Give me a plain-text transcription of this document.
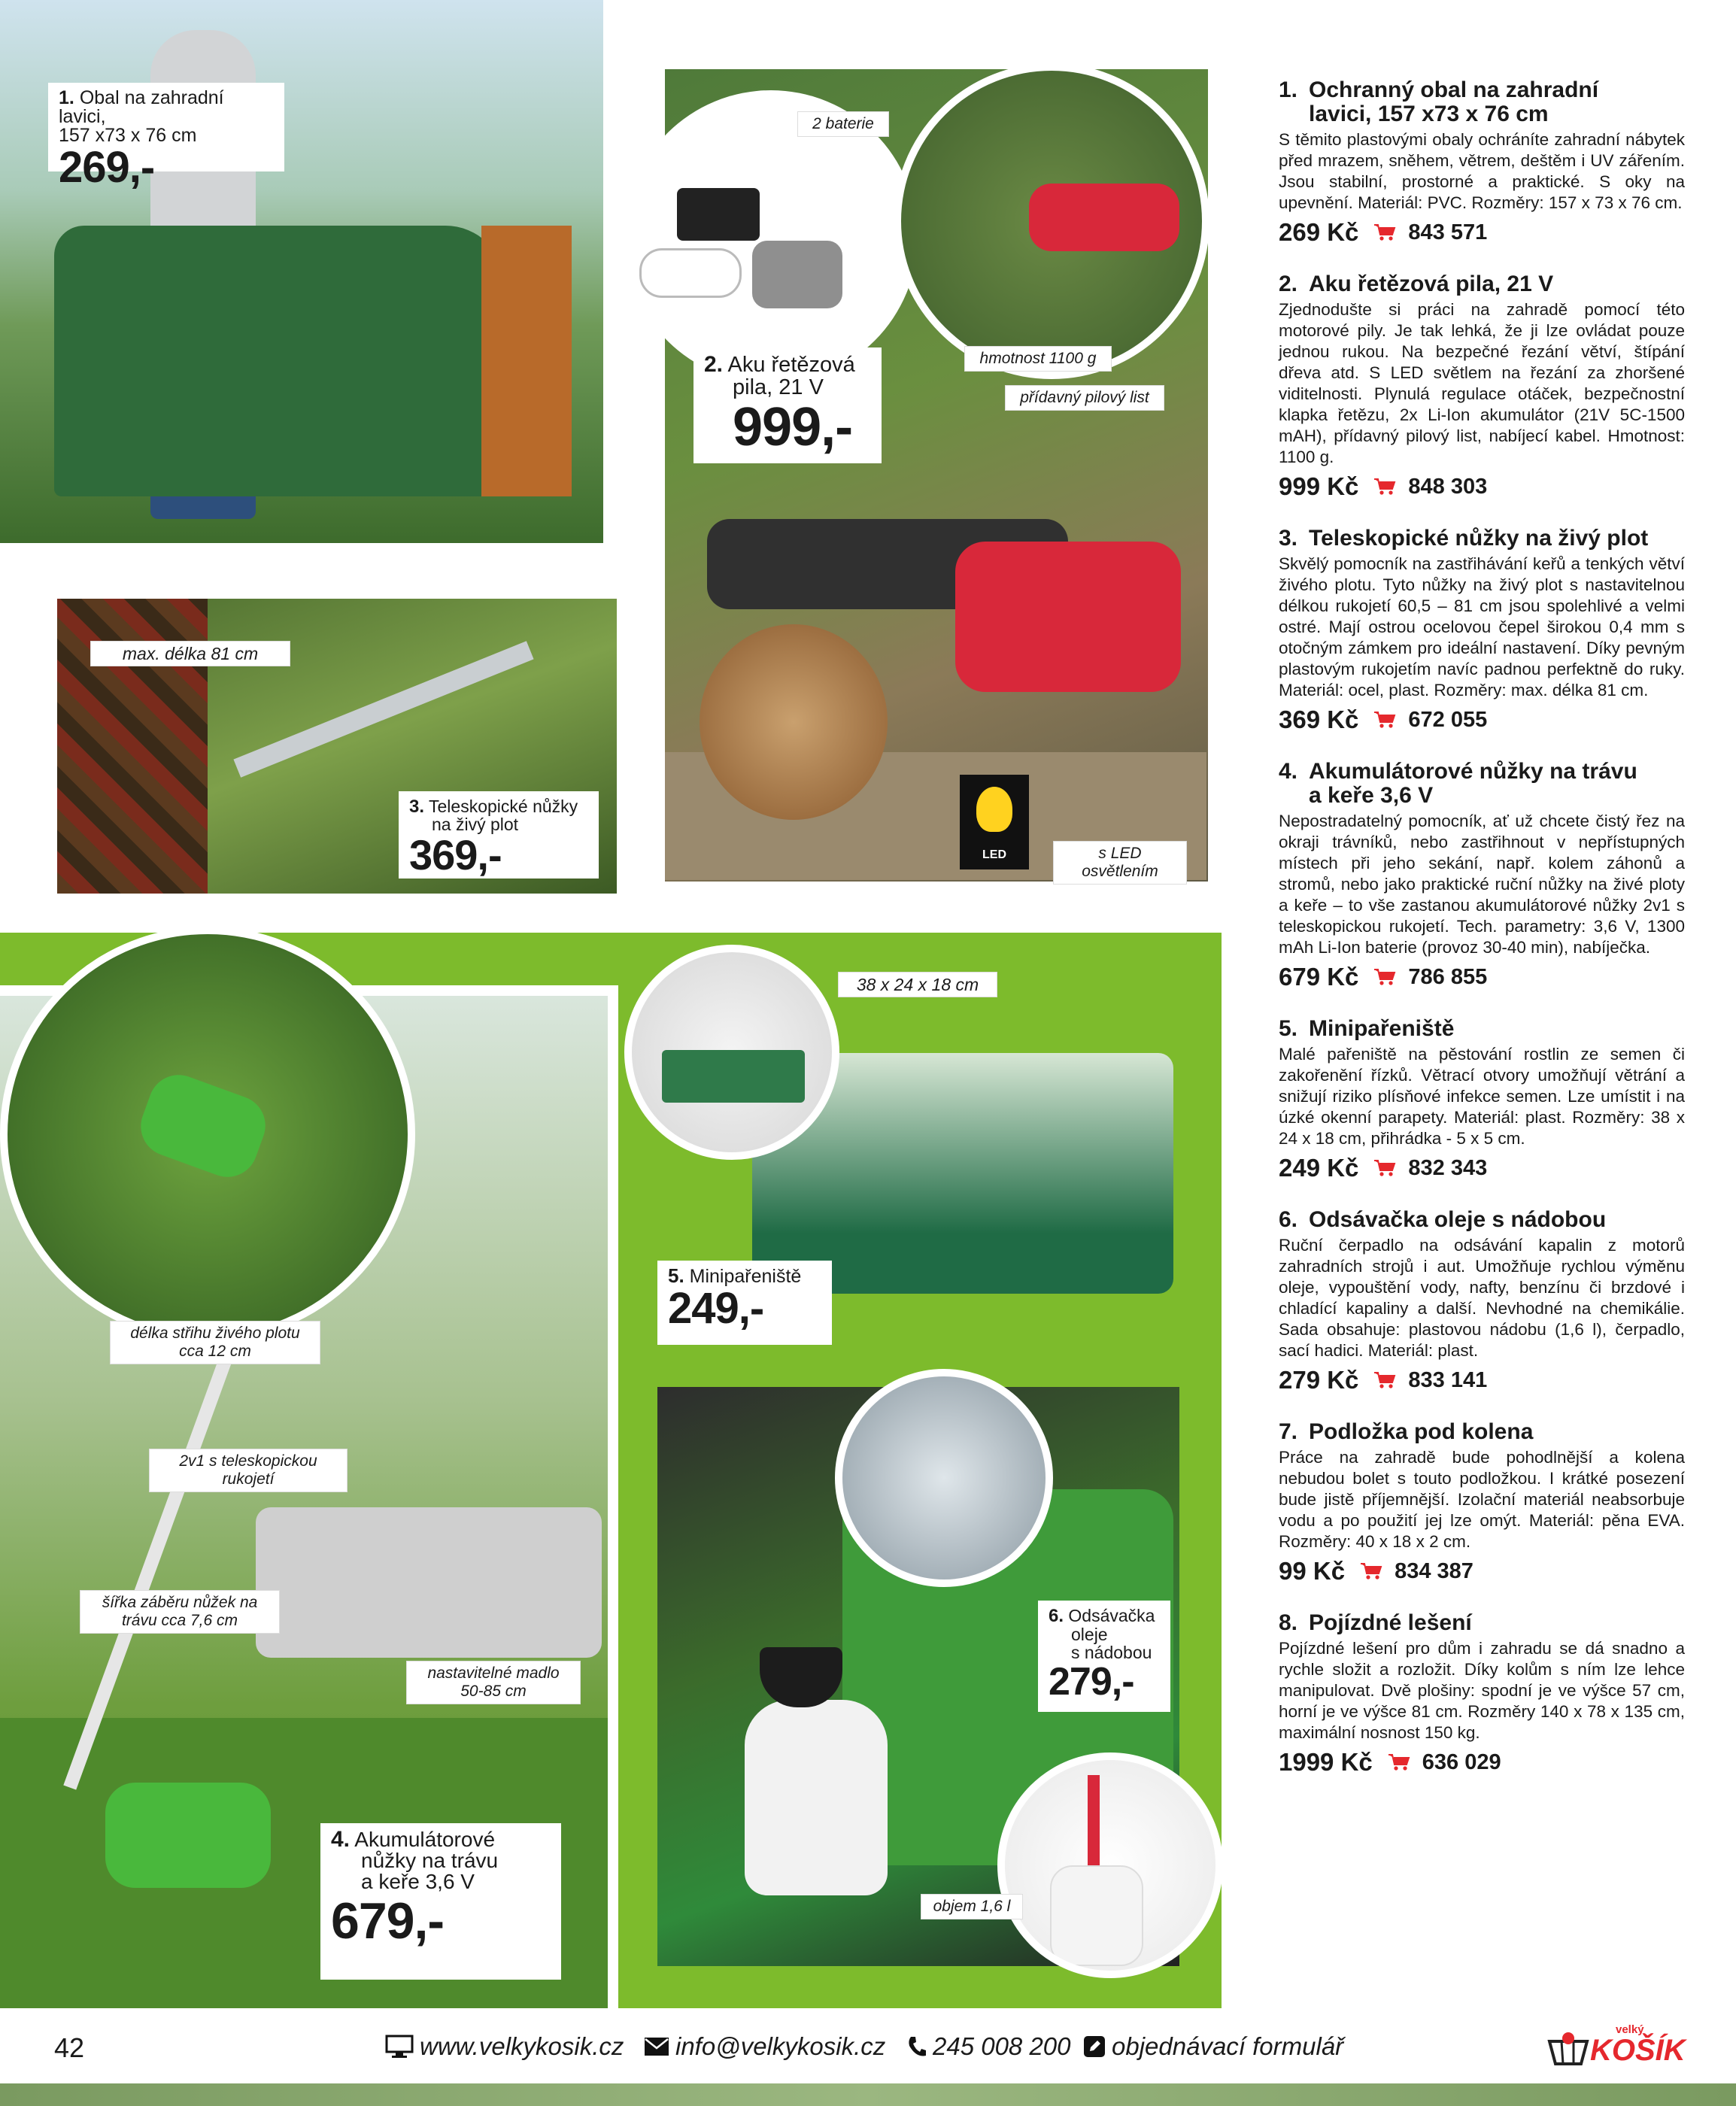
1. Obal na zahradní lavici,
157 x73 x 76 cm
269,-
2 baterie
hmotnost 1100 g
přídavný pilový list
2. Aku řetězová
pila, 21 V
999,-
LED	s LED osvětlením
max. délka 81 cm
3. Teleskopické nůžky
na živý plot
369,-
délka střihu živého plotu
cca 12 cm
2v1 s teleskopickou
rukojetí
šířka záběru nůžek na
trávu cca 7,6 cm
nastavitelné madlo
50-85 cm
4. Akumulátorové
nůžky na trávu
a keře 3,6 V
679,-
38 x 24 x 18 cm
5. Minipařeniště
249,-
6. Odsávačka
oleje
s nádobou
279,-
objem 1,6 l
1. Ochranný obal na zahradní
lavici, 157 x73 x 76 cm

S těmito plastovými obaly ochráníte zahradní nábytek před mrazem, sněhem, větrem, deštěm i UV zářením. Jsou stabilní, prostorné a praktické. S oky na upevnění. Materiál: PVC. Rozměry: 157 x 73 x 76 cm.

269 Kč 843 571
2. Aku řetězová pila, 21 V

Zjednodušte si práci na zahradě pomocí této motorové pily. Je tak lehká, že ji lze ovládat pouze jednou rukou. Na bezpečné řezání větví, štípání dřeva atd. S LED světlem na řezání za zhoršené viditelnosti. Plynulá regulace otáček, bezpečnostní klapka řetězu, 2x Li-Ion akumulátor (21V 5C-1500 mAH), přídavný pilový list, nabíjecí kabel. Hmotnost: 1100 g.

999 Kč 848 303
3. Teleskopické nůžky na živý plot

Skvělý pomocník na zastřihávání keřů a tenkých větví živého plotu. Tyto nůžky na živý plot s nastavitelnou délkou rukojetí 60,5 – 81 cm jsou spolehlivé a velmi ostré. Mají ostrou ocelovou čepel širokou 0,4 mm s otočným zámkem pro ideální nastavení. Díky pevným plastovým rukojetím navíc padnou perfektně do ruky. Materiál: ocel, plast. Rozměry: max. délka 81 cm.

369 Kč 672 055
4. Akumulátorové nůžky na trávu
a keře 3,6 V

Nepostradatelný pomocník, ať už chcete čistý řez na okraji trávníků, nebo zastřihnout v nepřístupných místech při jeho sekání, např. kolem záhonů a stromů, nebo jako praktické ruční nůžky na živé ploty a keře – to vše zastanou akumulátorové nůžky 2v1 s teleskopickou rukojetí. Tech. parametry: 3,6 V, 1300 mAh Li-Ion baterie (provoz 30-40 min), nabíječka.

679 Kč 786 855
5. Minipařeniště

Malé pařeniště na pěstování rostlin ze semen či zakořenění řízků. Větrací otvory umožňují větrání a snižují riziko plísňové infekce semen. Lze umístit i na úzké okenní parapety. Materiál: plast. Rozměry: 38 x 24 x 18 cm, přihrádka - 5 x 5 cm.

249 Kč 832 343
6. Odsávačka oleje s nádobou

Ruční čerpadlo na odsávání kapalin z motorů zahradních strojů i aut. Umožňuje rychlou výměnu oleje, vypouštění vody, nafty, benzínu či brzdové i chladící kapaliny a další. Nevhodné na chemikálie. Sada obsahuje: plastovou nádobu (1,6 l), čerpadlo, sací hadici. Materiál: plast.

279 Kč 833 141
7. Podložka pod kolena

Práce na zahradě bude pohodlnější a kolena nebudou bolet s touto podložkou. I krátké posezení bude jistě příjemnější. Izolační materiál neabsorbuje vodu a po použití jej lze omýt. Materiál: pěna EVA. Rozměry: 40 x 18 x 2 cm.

99 Kč 834 387
8. Pojízdné lešení

Pojízdné lešení pro dům i zahradu se dá snadno a rychle složit a rozložit. Díky kolům s ním lze lehce manipulovat. Dvě plošiny: spodní je ve výšce 57 cm, horní je ve výšce 81 cm. Rozměry 140 x 78 x 135 cm, maximální nosnost 150 kg.

1999 Kč 636 029
42	www.velkykosik.cz info@velkykosik.cz 245 008 200 objednávací formulář
velký
KOŠÍK
